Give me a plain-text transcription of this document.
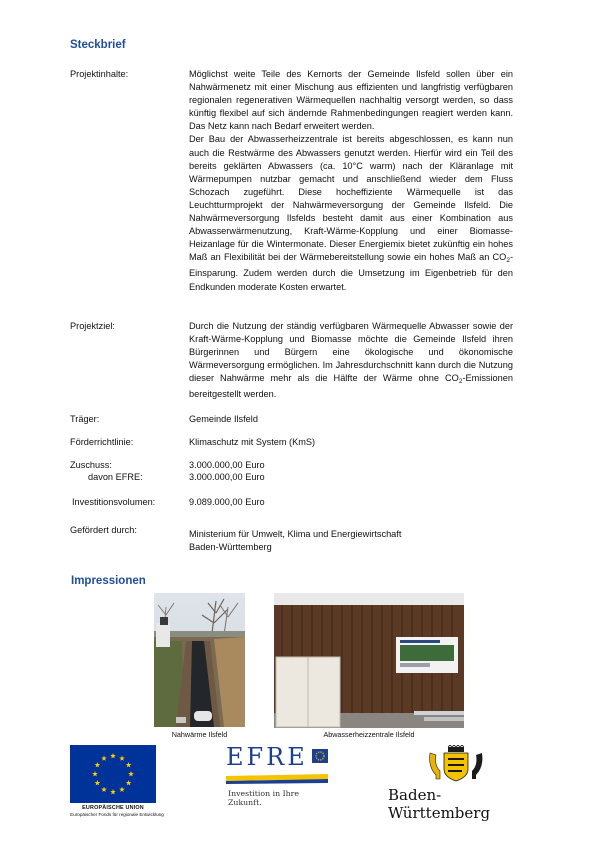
Steckbrief
Projektinhalte:	Möglichst weite Teile des Kernorts der Gemeinde Ilsfeld sollen über ein Nahwärmenetz mit einer Mischung aus effizienten und langfristig verfügbaren regionalen regenerativen Wärmequellen nachhaltig versorgt werden, so dass künftig flexibel auf sich ändernde Rahmenbedingungen reagiert werden kann. Das Netz kann nach Bedarf erweitert werden.

Der Bau der Abwasserheizzentrale ist bereits abgeschlossen, es kann nun auch die Restwärme des Abwassers genutzt werden. Hierfür wird ein Teil des bereits geklärten Abwassers (ca. 10°C warm) nach der Kläranlage mit Wärmepumpen nutzbar gemacht und anschließend wieder dem Fluss Schozach zugeführt. Diese hocheffiziente Wärmequelle ist das Leuchtturmprojekt der Nahwärmeversorgung der Gemeinde Ilsfeld. Die Nahwärmeversorgung Ilsfelds besteht damit aus einer Kombination aus Abwasserwärmenutzung, Kraft-Wärme-Kopplung und einer Biomasse-Heizanlage für die Wintermonate. Dieser Energiemix bietet zukünftig ein hohes Maß an Flexibilität bei der Wärmebereitstellung sowie ein hohes Maß an $CO_2$-Einsparung. Zudem werden durch die Umsetzung im Eigenbetrieb für den Endkunden moderate Kosten erwartet.

Projektziel:	Durch die Nutzung der ständig verfügbaren Wärmequelle Abwasser sowie der Kraft-Wärme-Kopplung und Biomasse möchte die Gemeinde Ilsfeld ihren Bürgerinnen und Bürgern eine ökologische und ökonomische Wärmeversorgung ermöglichen. Im Jahresdurchschnitt kann durch die Nutzung dieser Nahwärme mehr als die Hälfte der Wärme ohne $CO_2$-Emissionen bereitgestellt werden.
Träger:	Gemeinde Ilsfeld
Förderrichtlinie:	Klimaschutz mit System (KmS)
Zuschuss:	3.000.000,00 Euro
davon EFRE:	3.000.000,00 Euro
Investitionsvolumen:	9.089.000,00 Euro
Gefördert durch:	Ministerium für Umwelt, Klima und Energiewirtschaft
Baden-Württemberg
Impressionen
Nahwärme Ilsfeld	Abwasserheizzentrale Ilsfeld
EUROPÄISCHE UNION
Europäischer Fonds für regionale Entwicklung
EFRE
Investition in Ihre Zukunft.	Baden-Württemberg
